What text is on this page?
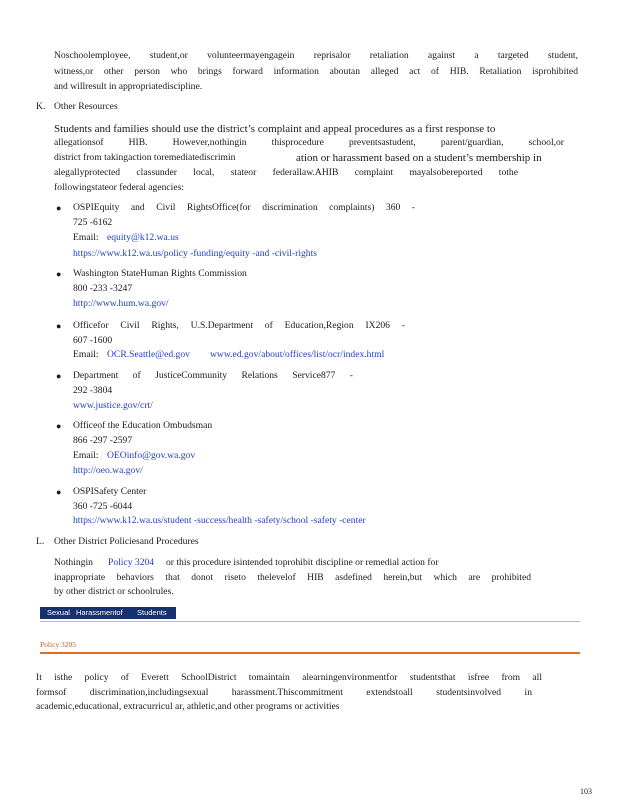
Noschoolemployee, student,or volunteermayengagein reprisalor retaliation against a targeted student,
witness,or other person who brings forward information aboutan alleged act of HIB. Retaliation isprohibited
and willresult in appropriatediscipline.
K. Other Resources
Students and families should use the district’s complaint and appeal procedures as a first response to
allegationsof HIB. However,nothingin thisprocedure preventsastudent, parent/guardian, school,or
district from takingaction toremediatediscrimin	ation or harassment based on a student’s membership in
alegallyprotected classunder local, stateor federallaw.AHIB complaint mayalsobereported tothe
followingstateor federal agencies:
● OSPIEquity and Civil RightsOffice(for discrimination complaints) 360 -
725 -6162
Email: equity@k12.wa.us
https://www.k12.wa.us/policy -funding/equity -and -civil-rights
● Washington StateHuman Rights Commission
800 -233 -3247
http://www.hum.wa.gov/
● Officefor Civil Rights, U.S.Department of Education,Region IX206 -
607 -1600
Email: OCR.Seattle@ed.gov www.ed.gov/about/offices/list/ocr/index.html
● Department of JusticeCommunity Relations Service877 -
292 -3804
www.justice.gov/crt/
● Officeof the Education Ombudsman
866 -297 -2597
Email: OEOinfo@gov.wa.gov
http://oeo.wa.gov/
● OSPISafety Center
360 -725 -6044
https://www.k12.wa.us/student -success/health -safety/school -safety -center
L. Other District Policiesand Procedures
Nothingin Policy 3204 or this procedure isintended toprohibit discipline or remedial action for
inappropriate behaviors that donot riseto thelevelof HIB asdefined herein,but which are prohibited
by other district or schoolrules.
Sexual Harassmentof Students
Policy 3205
It isthe policy of Everett SchoolDistrict tomaintain alearningenvironmentfor studentsthat isfree from all
formsof discrimination,includingsexual harassment.Thiscommitment extendstoall studentsinvolved in
academic,educational, extracurricul ar, athletic,and other programs or activities
103
